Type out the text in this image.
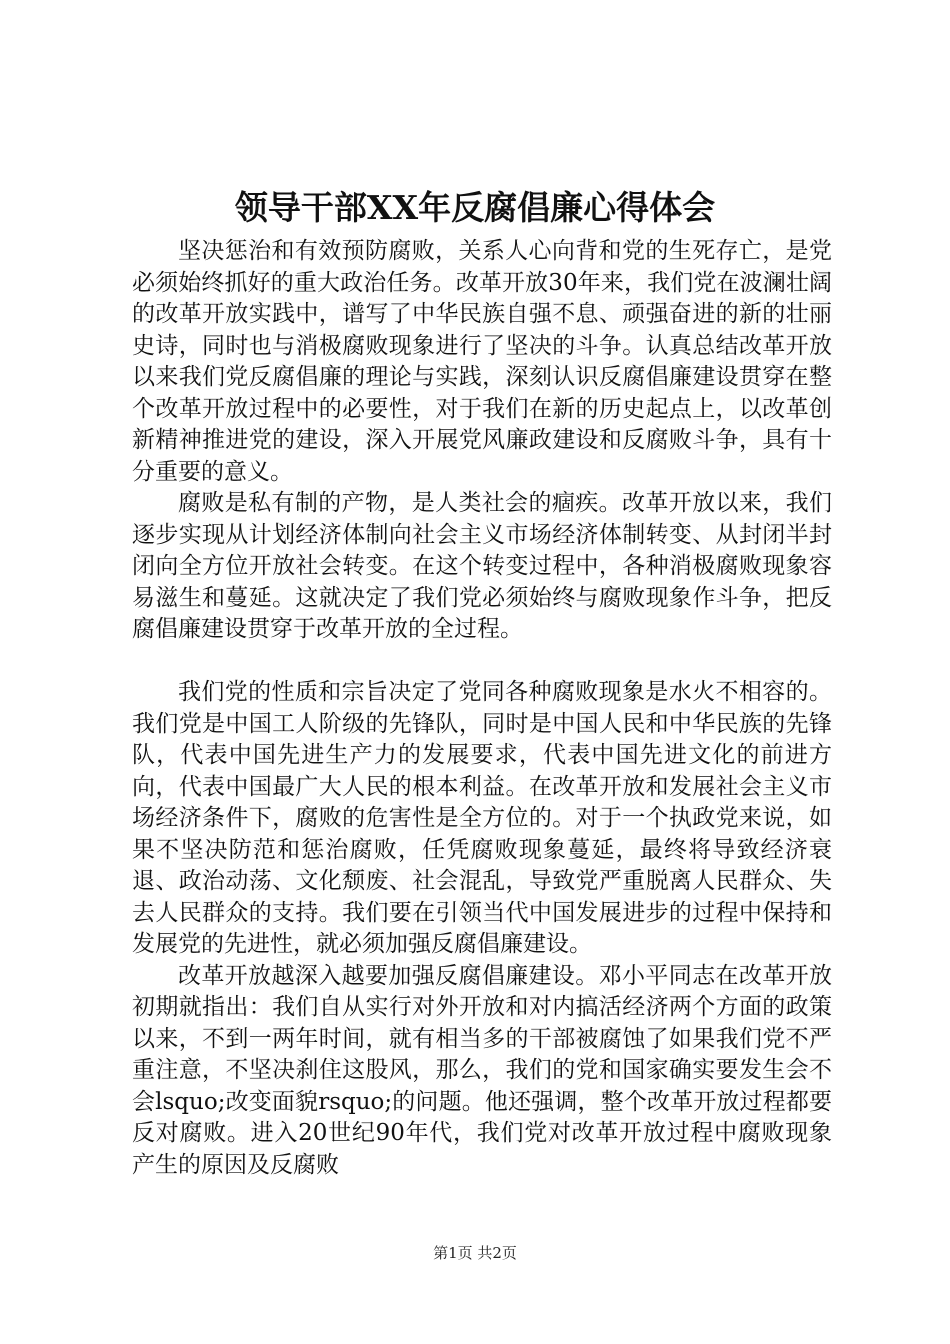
领导干部XX年反腐倡廉心得体会

坚决惩治和有效预防腐败，关系人心向背和党的生死存亡，是党必须始终抓好的重大政治任务。改革开放30年来，我们党在波澜壮阔的改革开放实践中，谱写了中华民族自强不息、顽强奋进的新的壮丽史诗，同时也与消极腐败现象进行了坚决的斗争。认真总结改革开放以来我们党反腐倡廉的理论与实践，深刻认识反腐倡廉建设贯穿在整个改革开放过程中的必要性，对于我们在新的历史起点上，以改革创新精神推进党的建设，深入开展党风廉政建设和反腐败斗争，具有十分重要的意义。

腐败是私有制的产物，是人类社会的痼疾。改革开放以来，我们逐步实现从计划经济体制向社会主义市场经济体制转变、从封闭半封闭向全方位开放社会转变。在这个转变过程中，各种消极腐败现象容易滋生和蔓延。这就决定了我们党必须始终与腐败现象作斗争，把反腐倡廉建设贯穿于改革开放的全过程。

我们党的性质和宗旨决定了党同各种腐败现象是水火不相容的。我们党是中国工人阶级的先锋队，同时是中国人民和中华民族的先锋队，代表中国先进生产力的发展要求，代表中国先进文化的前进方向，代表中国最广大人民的根本利益。在改革开放和发展社会主义市场经济条件下，腐败的危害性是全方位的。对于一个执政党来说，如果不坚决防范和惩治腐败，任凭腐败现象蔓延，最终将导致经济衰退、政治动荡、文化颓废、社会混乱，导致党严重脱离人民群众、失去人民群众的支持。我们要在引领当代中国发展进步的过程中保持和发展党的先进性，就必须加强反腐倡廉建设。

改革开放越深入越要加强反腐倡廉建设。邓小平同志在改革开放初期就指出：我们自从实行对外开放和对内搞活经济两个方面的政策以来，不到一两年时间，就有相当多的干部被腐蚀了如果我们党不严重注意，不坚决刹住这股风，那么，我们的党和国家确实要发生会不会lsquo;改变面貌rsquo;的问题。他还强调，整个改革开放过程都要反对腐败。进入20世纪90年代，我们党对改革开放过程中腐败现象产生的原因及反腐败

第1页 共2页
